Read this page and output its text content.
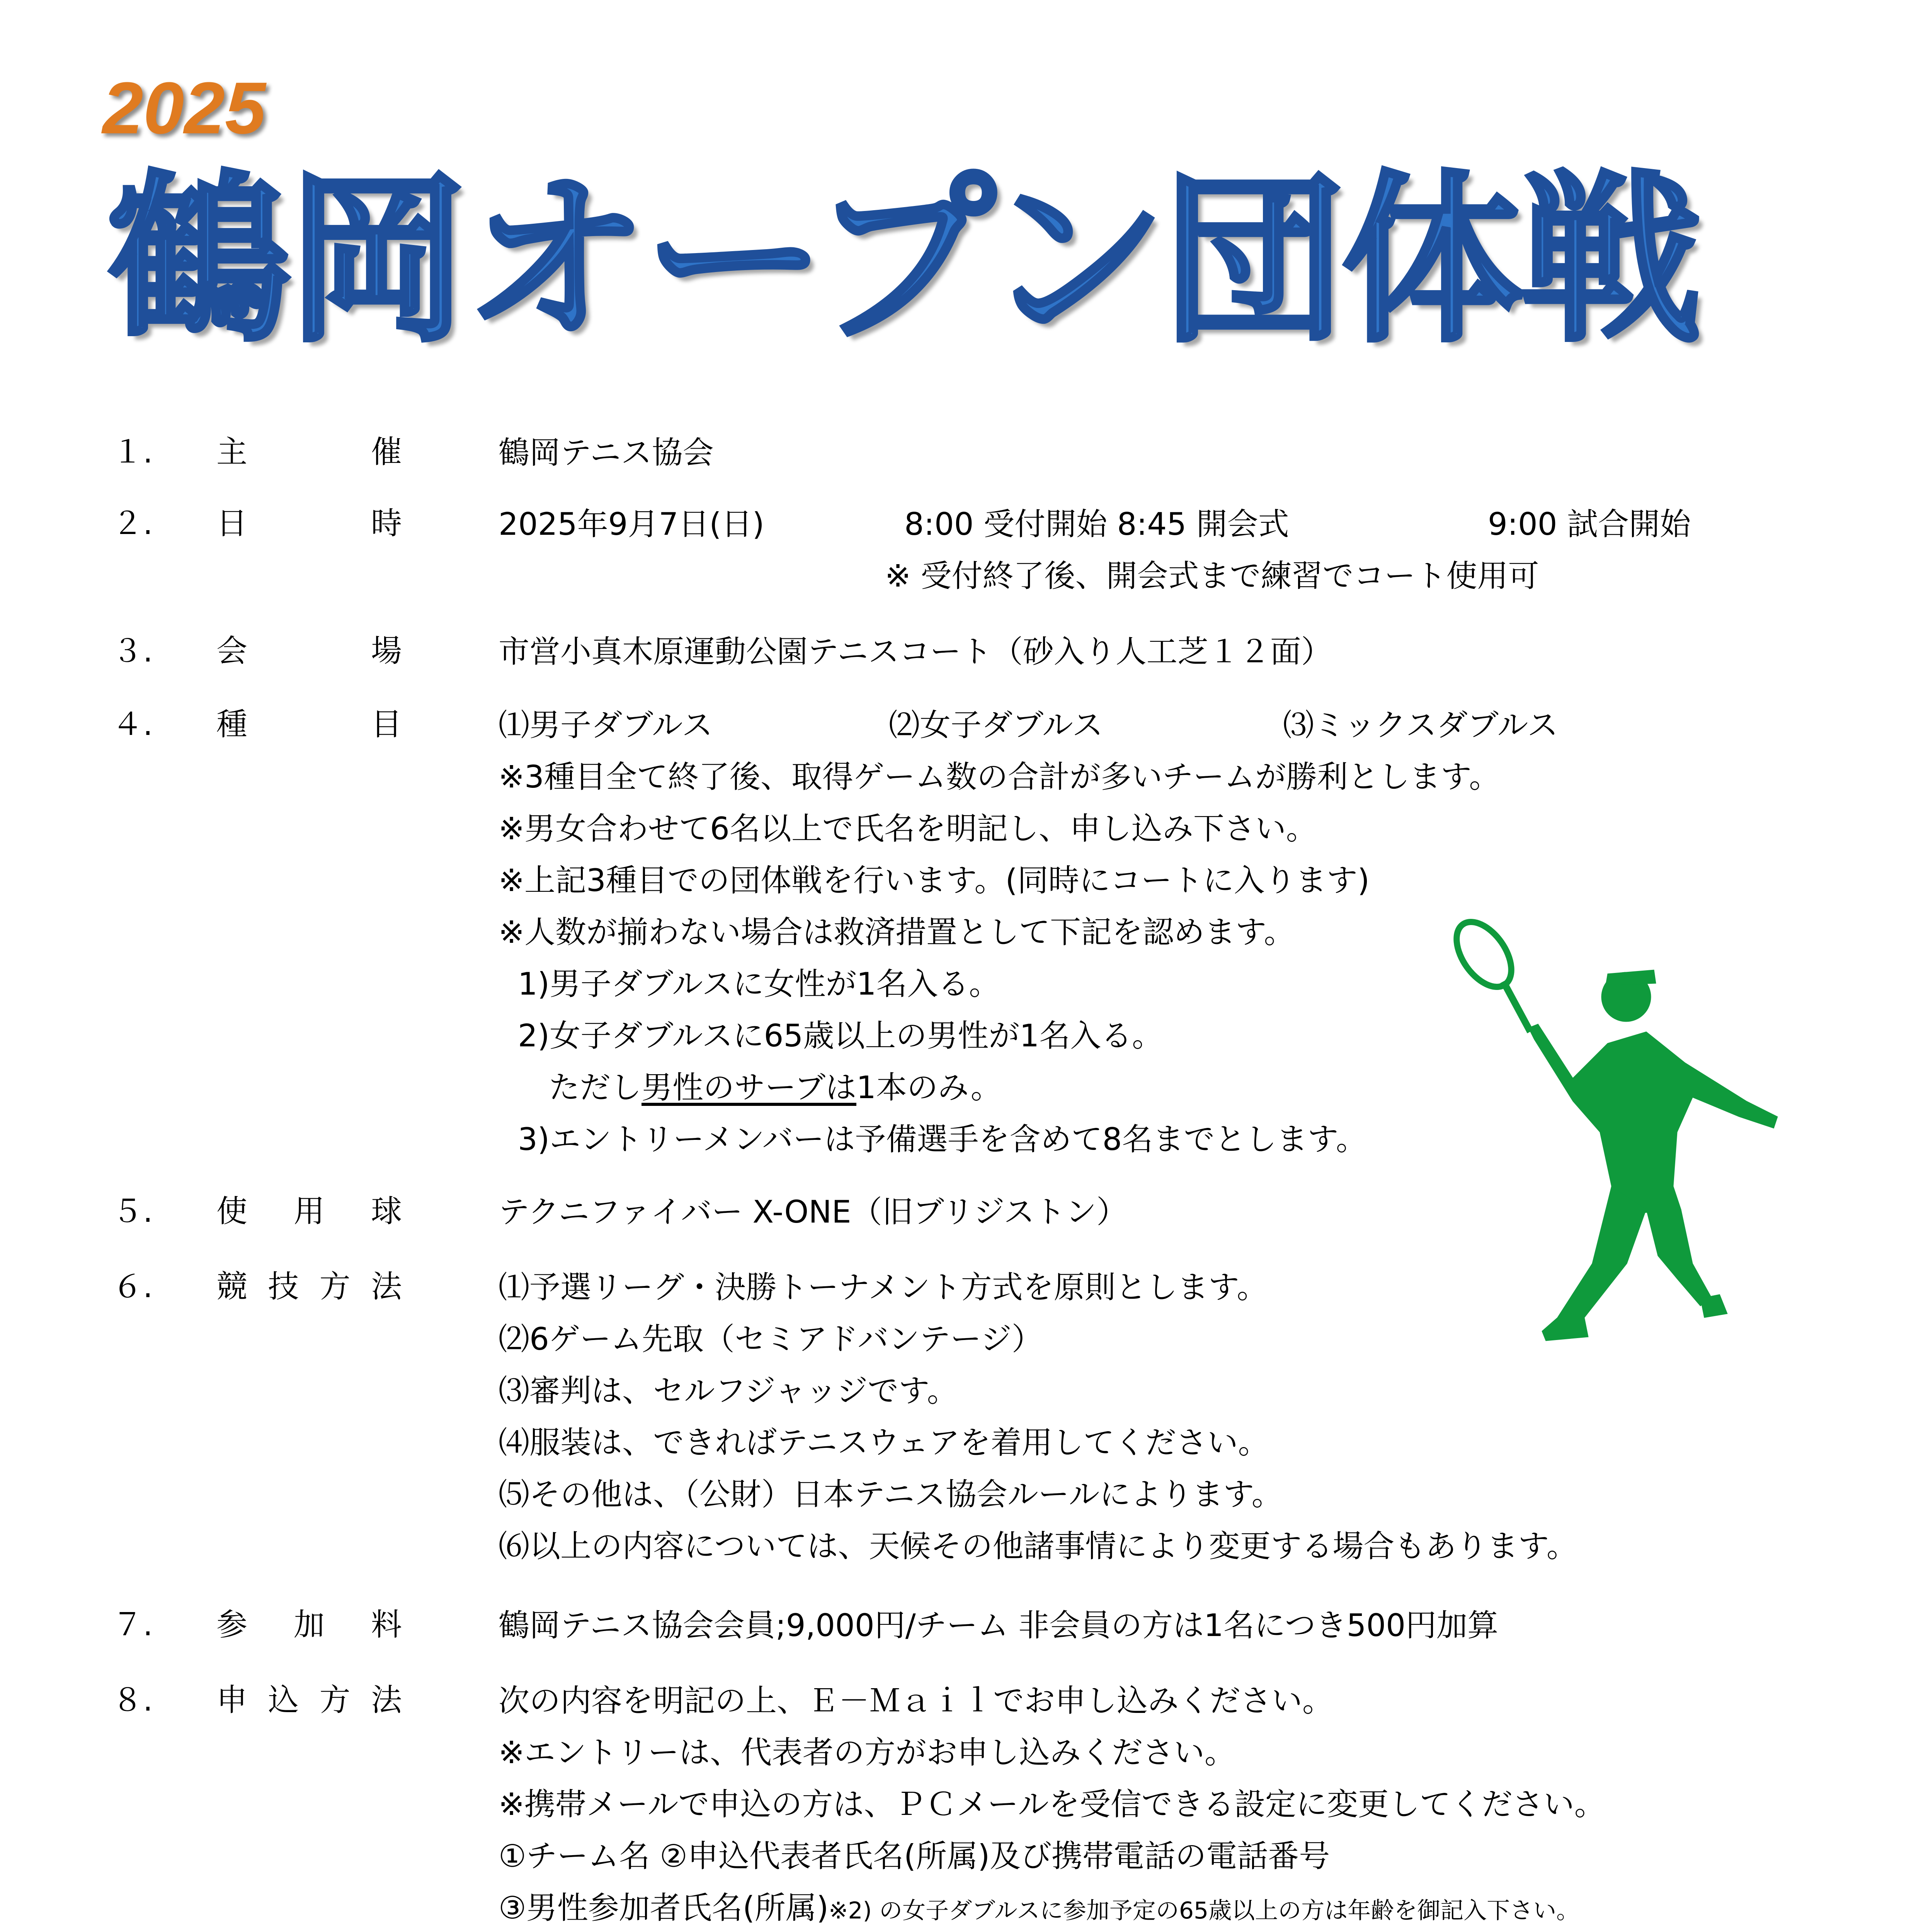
2025
鶴岡オープン団体戦
１. 主	催	鶴岡テニス協会
２. 日	時	2025年9月7日(日)	8:00 受付開始 8:45 開会式	9:00 試合開始
※ 受付終了後、開会式まで練習でコート使用可
３. 会	場	市営小真木原運動公園テニスコート（砂入り人工芝１２面）
４. 種	目	⑴男子ダブルス	⑵女子ダブルス	⑶ミックスダブルス
※3種目全て終了後、取得ゲーム数の合計が多いチームが勝利とします。
※男女合わせて6名以上で氏名を明記し、申し込み下さい。
※上記3種目での団体戦を行います。(同時にコートに入ります)
※人数が揃わない場合は救済措置として下記を認めます。
1)男子ダブルスに女性が1名入る。
2)女子ダブルスに65歳以上の男性が1名入る。
ただし男性のサーブは1本のみ。
3)エントリーメンバーは予備選手を含めて8名までとします。
５. 使 用 球	テクニファイバー X-ONE（旧ブリジストン）
６. 競 技 方 法	⑴予選リーグ・決勝トーナメント方式を原則とします。
⑵6ゲーム先取（セミアドバンテージ）
⑶審判は、セルフジャッジです。
⑷服装は、できればテニスウェアを着用してください。
⑸その他は、（公財）日本テニス協会ルールによります。
⑹以上の内容については、天候その他諸事情により変更する場合もあります。
７. 参 加 料	鶴岡テニス協会会員;9,000円/チーム 非会員の方は1名につき500円加算
８. 申 込 方 法	次の内容を明記の上、Ｅ－Ｍａｉｌでお申し込みください。
※エントリーは、代表者の方がお申し込みください。
※携帯メールで申込の方は、ＰＣメールを受信できる設定に変更してください。
①チーム名 ②申込代表者氏名(所属)及び携帯電話の電話番号
③男性参加者氏名(所属)※2) の女子ダブルスに参加予定の65歳以上の方は年齢を御記入下さい。
